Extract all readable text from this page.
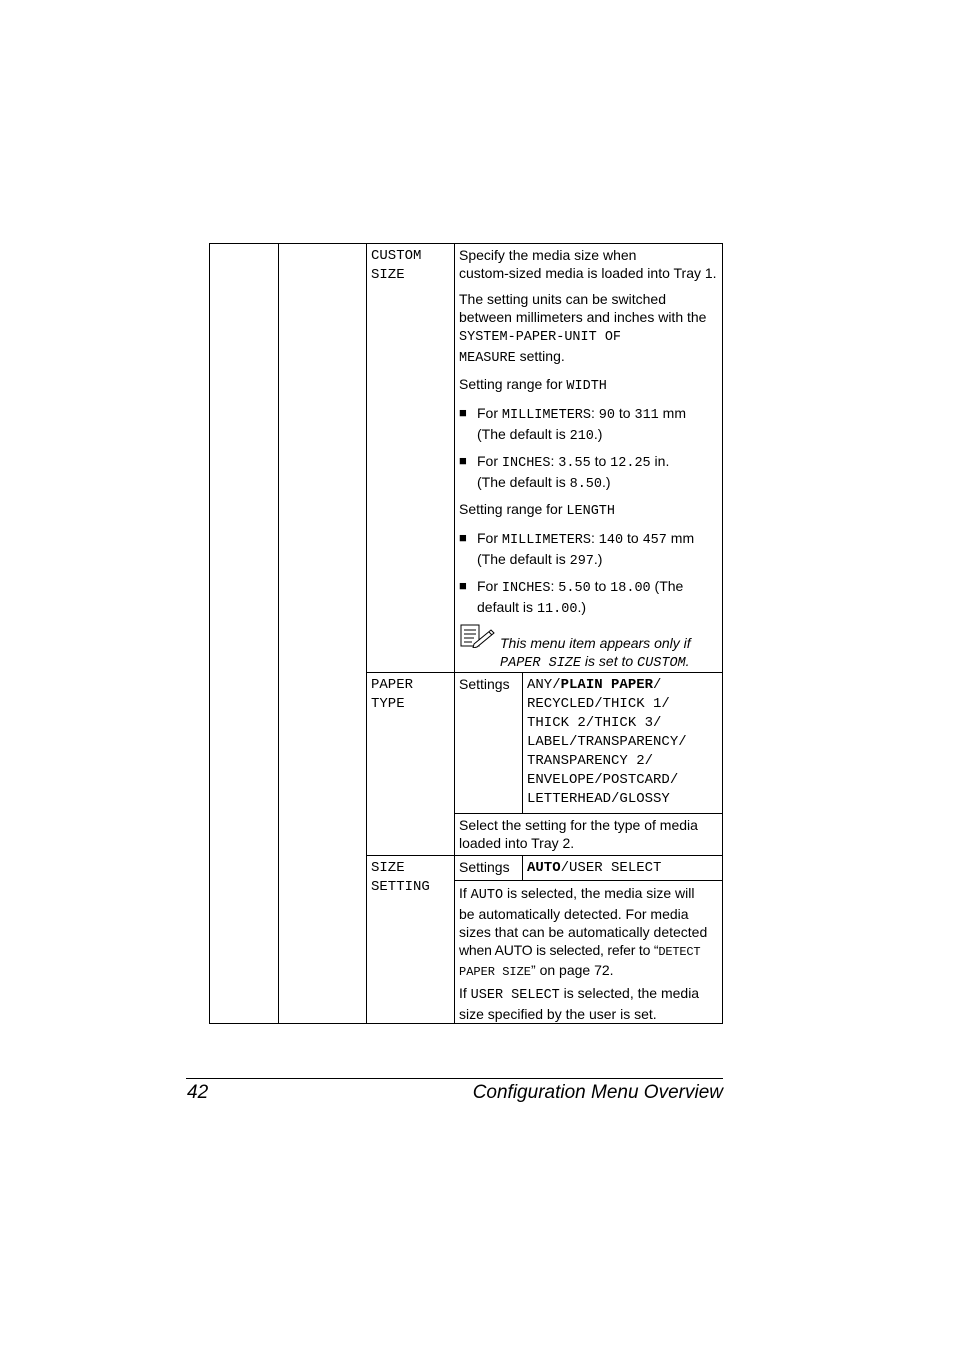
CUSTOM
SIZE

Specify the media size when

custom-sized media is loaded into Tray 1.

The setting units can be switched

between millimeters and inches with the

SYSTEM-PAPER-UNIT OF

MEASURE setting.

Setting range for WIDTH
■ For MILLIMETERS: 90 to 311 mm
(The default is 210.)
■ For INCHES: 3.55 to 12.25 in.
(The default is 8.50.)
Setting range for LENGTH
■ For MILLIMETERS: 140 to 457 mm
(The default is 297.)
■ For INCHES: 5.50 to 18.00 (The
default is 11.00.)
This menu item appears only if
PAPER SIZE is set to CUSTOM.
PAPER
TYPE
Settings ANY/PLAIN PAPER/
RECYCLED/THICK 1/
THICK 2/THICK 3/
LABEL/TRANSPARENCY/
TRANSPARENCY 2/
ENVELOPE/POSTCARD/
LETTERHEAD/GLOSSY
Select the setting for the type of media
loaded into Tray 2.
SIZE
SETTING
Settings AUTO/USER SELECT
If AUTO is selected, the media size will
be automatically detected. For media
sizes that can be automatically detected
when AUTO is selected, refer to “DETECT
PAPER SIZE” on page 72.
If USER SELECT is selected, the media
size specified by the user is set.
42	Configuration Menu Overview
